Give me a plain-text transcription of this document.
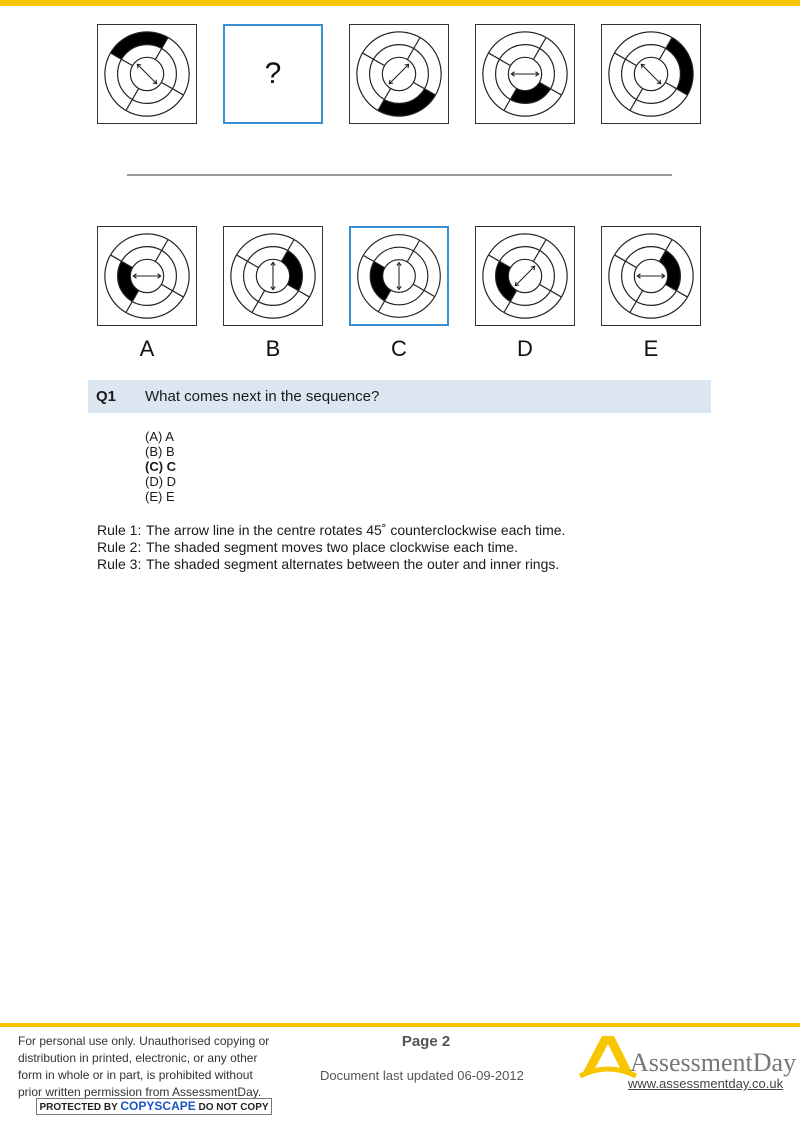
?
A	B	C	D	E
Q1 What comes next in the sequence?
(A) A
(B) B
(C) C
(D) D
(E) E
Rule 1: The arrow line in the centre rotates 45˚ counterclockwise each time.
Rule 2: The shaded segment moves two place clockwise each time.
Rule 3: The shaded segment alternates between the outer and inner rings.
For personal use only. Unauthorised copying or
distribution in printed, electronic, or any other
form in whole or in part, is prohibited without
prior written permission from AssessmentDay.
PROTECTED BY COPYSCAPE DO NOT COPY
Page 2
Document last updated 06-09-2012	AssessmentDay
www.assessmentday.co.uk
